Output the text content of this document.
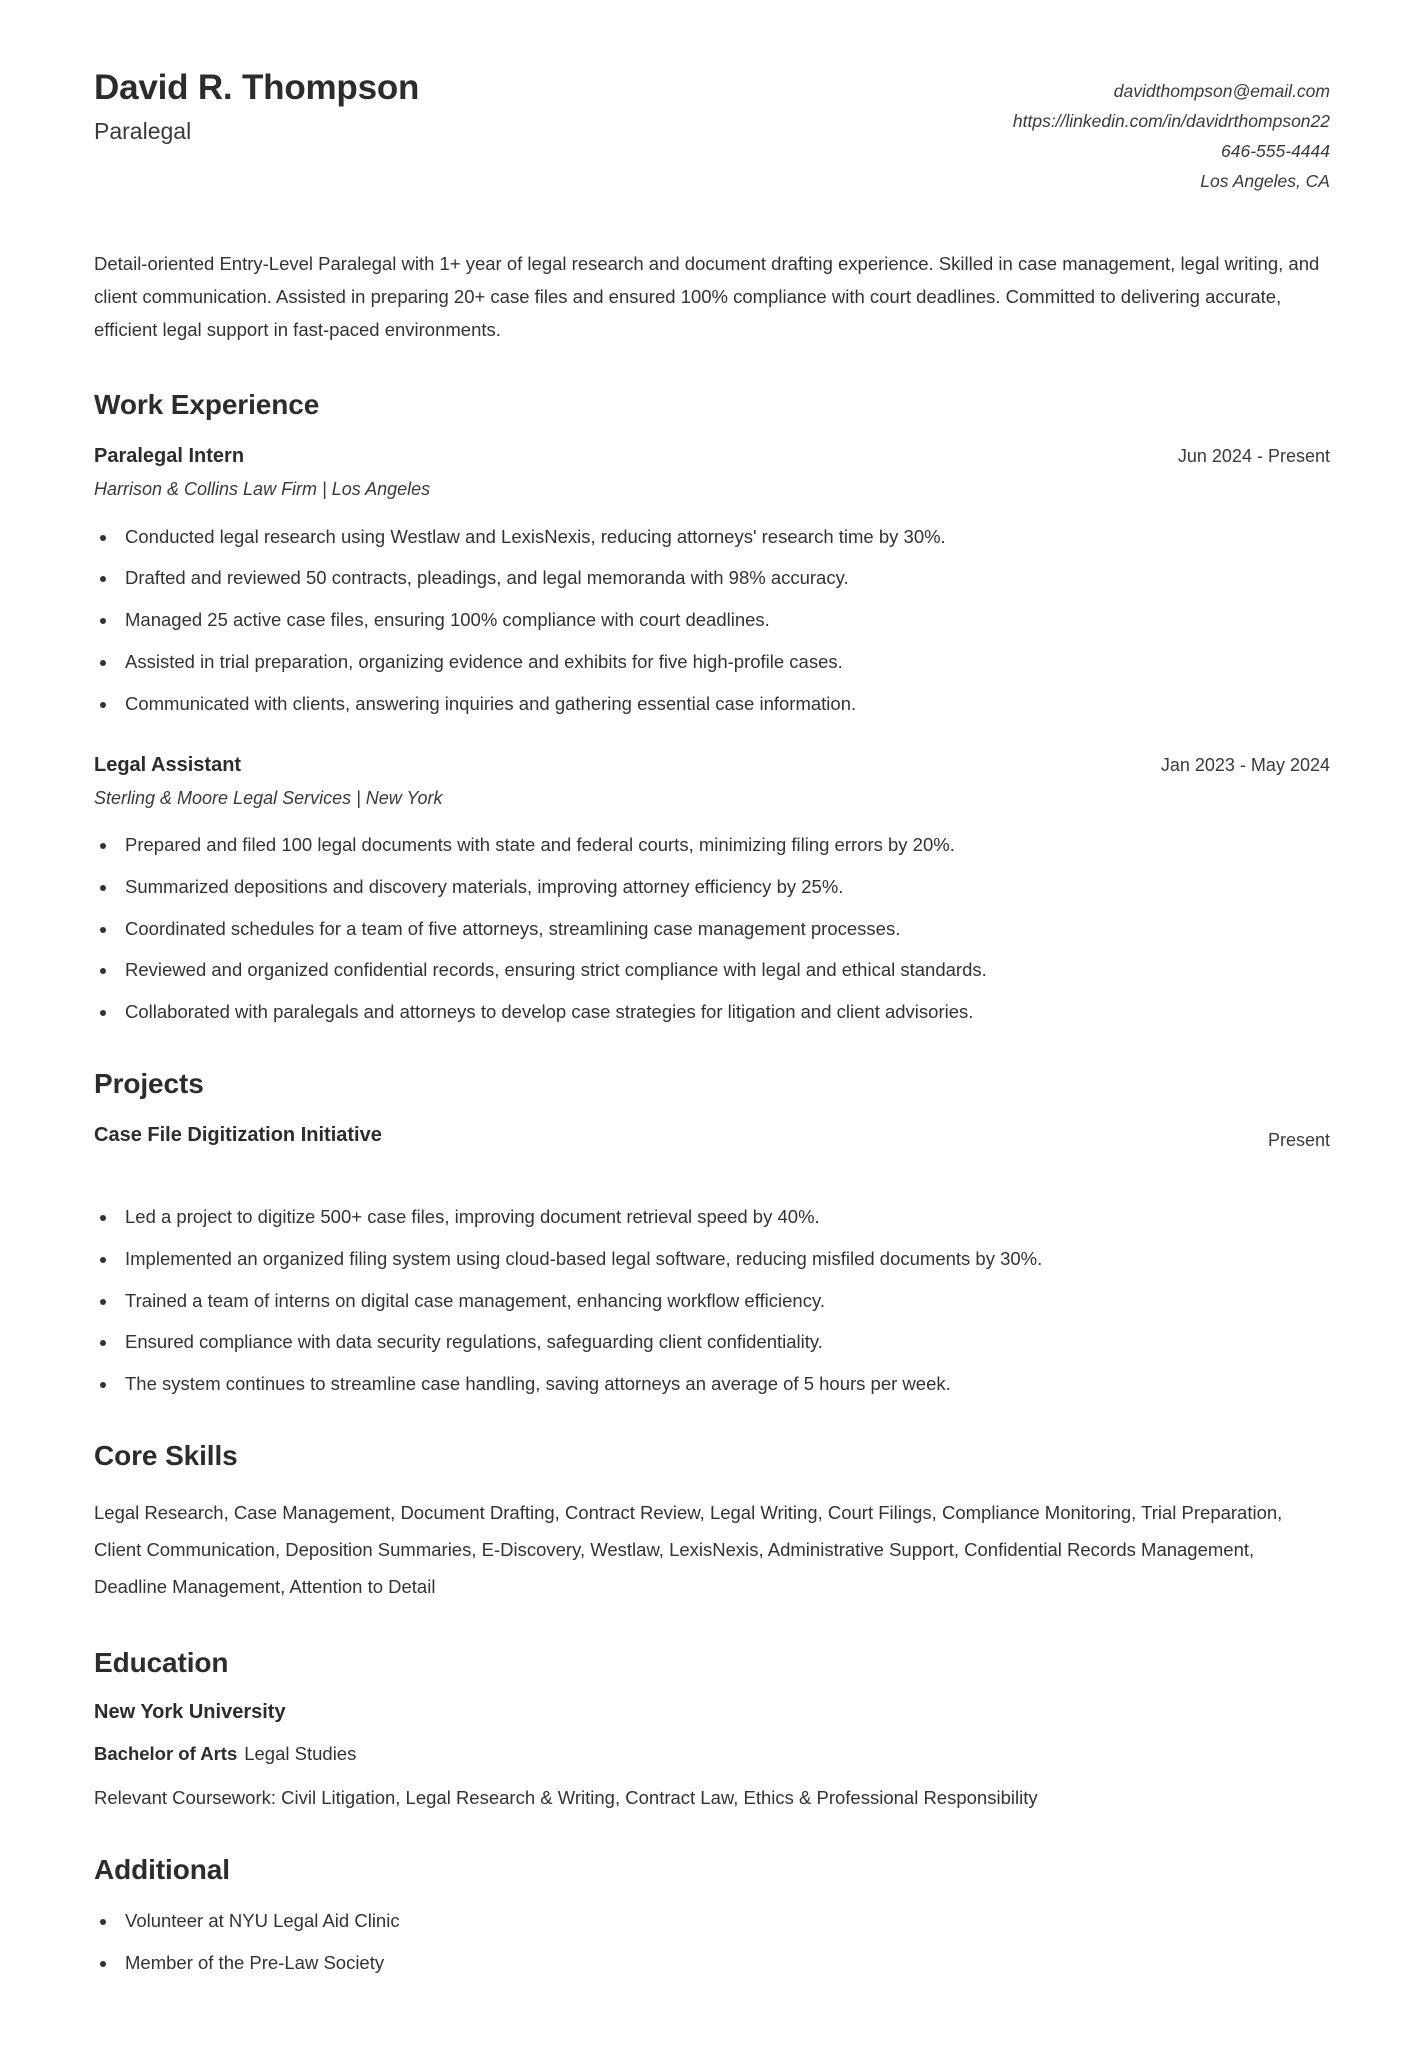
David R. Thompson
Paralegal
davidthompson@email.com
https://linkedin.com/in/davidrthompson22
646-555-4444
Los Angeles, CA
Detail-oriented Entry-Level Paralegal with 1+ year of legal research and document drafting experience. Skilled in case management, legal writing, and client communication. Assisted in preparing 20+ case files and ensured 100% compliance with court deadlines. Committed to delivering accurate, efficient legal support in fast-paced environments.
Work Experience
Paralegal Intern	Jun 2024 - Present
Harrison & Collins Law Firm | Los Angeles
Conducted legal research using Westlaw and LexisNexis, reducing attorneys' research time by 30%.
Drafted and reviewed 50 contracts, pleadings, and legal memoranda with 98% accuracy.
Managed 25 active case files, ensuring 100% compliance with court deadlines.
Assisted in trial preparation, organizing evidence and exhibits for five high-profile cases.
Communicated with clients, answering inquiries and gathering essential case information.
Legal Assistant	Jan 2023 - May 2024
Sterling & Moore Legal Services | New York
Prepared and filed 100 legal documents with state and federal courts, minimizing filing errors by 20%.
Summarized depositions and discovery materials, improving attorney efficiency by 25%.
Coordinated schedules for a team of five attorneys, streamlining case management processes.
Reviewed and organized confidential records, ensuring strict compliance with legal and ethical standards.
Collaborated with paralegals and attorneys to develop case strategies for litigation and client advisories.
Projects
Case File Digitization Initiative	Present
Led a project to digitize 500+ case files, improving document retrieval speed by 40%.
Implemented an organized filing system using cloud-based legal software, reducing misfiled documents by 30%.
Trained a team of interns on digital case management, enhancing workflow efficiency.
Ensured compliance with data security regulations, safeguarding client confidentiality.
The system continues to streamline case handling, saving attorneys an average of 5 hours per week.
Core Skills
Legal Research, Case Management, Document Drafting, Contract Review, Legal Writing, Court Filings, Compliance Monitoring, Trial Preparation, Client Communication, Deposition Summaries, E-Discovery, Westlaw, LexisNexis, Administrative Support, Confidential Records Management, Deadline Management, Attention to Detail
Education
New York University
Bachelor of Arts Legal Studies
Relevant Coursework: Civil Litigation, Legal Research & Writing, Contract Law, Ethics & Professional Responsibility
Additional
Volunteer at NYU Legal Aid Clinic
Member of the Pre-Law Society
